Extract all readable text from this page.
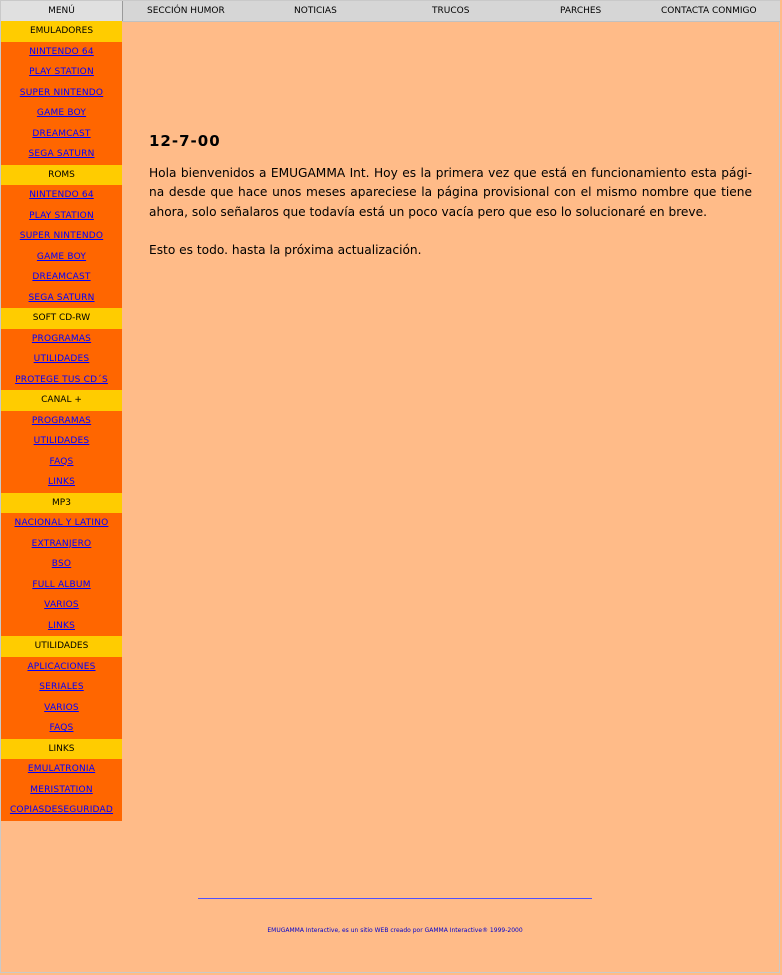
MENÚ	SECCIÓN HUMOR	NOTICIAS	TRUCOS	PARCHES	CONTACTA CONMIGO
EMULADORES
NINTENDO 64
PLAY STATION
SUPER NINTENDO
GAME BOY
DREAMCAST
SEGA SATURN
ROMS
NINTENDO 64
PLAY STATION
SUPER NINTENDO
GAME BOY
DREAMCAST
SEGA SATURN
SOFT CD-RW
PROGRAMAS
UTILIDADES
PROTEGE TUS CD´S
CANAL +
PROGRAMAS
UTILIDADES
FAQS
LINKS
MP3
NACIONAL Y LATINO
EXTRANJERO
BSO
FULL ALBUM
VARIOS
LINKS
UTILIDADES
APLICACIONES
SERIALES
VARIOS
FAQS
LINKS
EMULATRONIA
MERISTATION
COPIASDESEGURIDAD
12-7-00

Hola bienvenidos a EMUGAMMA Int. Hoy es la primera vez que está en funcionamiento esta pági-na desde que hace unos meses apareciese la página provisional con el mismo nombre que tiene ahora, solo señalaros que todavía está un poco vacía pero que eso lo solucionaré en breve.

Esto es todo. hasta la próxima actualización.

EMUGAMMA Interactive, es un sitio WEB creado por GAMMA Interactive® 1999-2000
